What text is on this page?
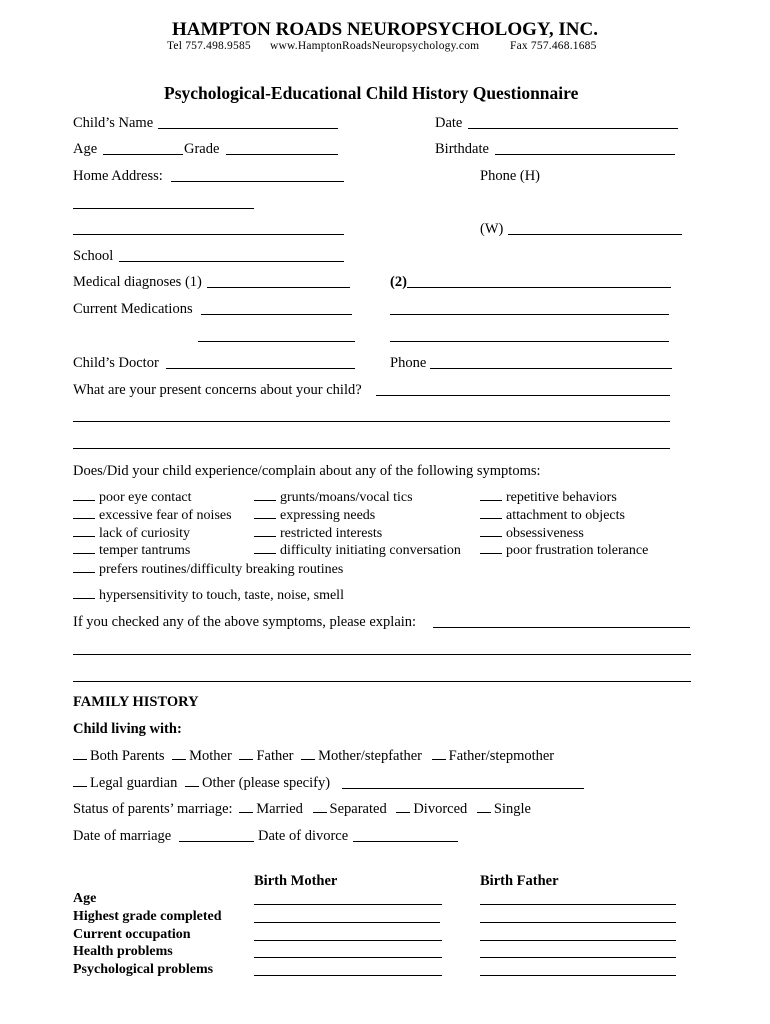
HAMPTON ROADS NEUROPSYCHOLOGY, INC.
Tel 757.498.9585 www.HamptonRoadsNeuropsychology.com	Fax 757.468.1685
Psychological-Educational Child History Questionnaire
Child’s Name	Date
Age	Grade	Birthdate
Home Address:	Phone (H)
(W)
School
Medical diagnoses (1)	(2)
Current Medications
Child’s Doctor	Phone
What are your present concerns about your child?
Does/Did your child experience/complain about any of the following symptoms:
poor eye contact
excessive fear of noises
lack of curiosity
temper tantrums
grunts/moans/vocal tics
expressing needs
restricted interests
difficulty initiating conversation
repetitive behaviors
attachment to objects
obsessiveness
poor frustration tolerance
prefers routines/difficulty breaking routines
hypersensitivity to touch, taste, noise, smell
If you checked any of the above symptoms, please explain:
FAMILY HISTORY
Child living with:
Both Parents Mother Father Mother/stepfather Father/stepmother
Legal guardian Other (please specify)
Status of parents’ marriage: Married Separated Divorced Single
Date of marriage	Date of divorce
Birth Mother	Birth Father
Age
Highest grade completed
Current occupation
Health problems
Psychological problems
